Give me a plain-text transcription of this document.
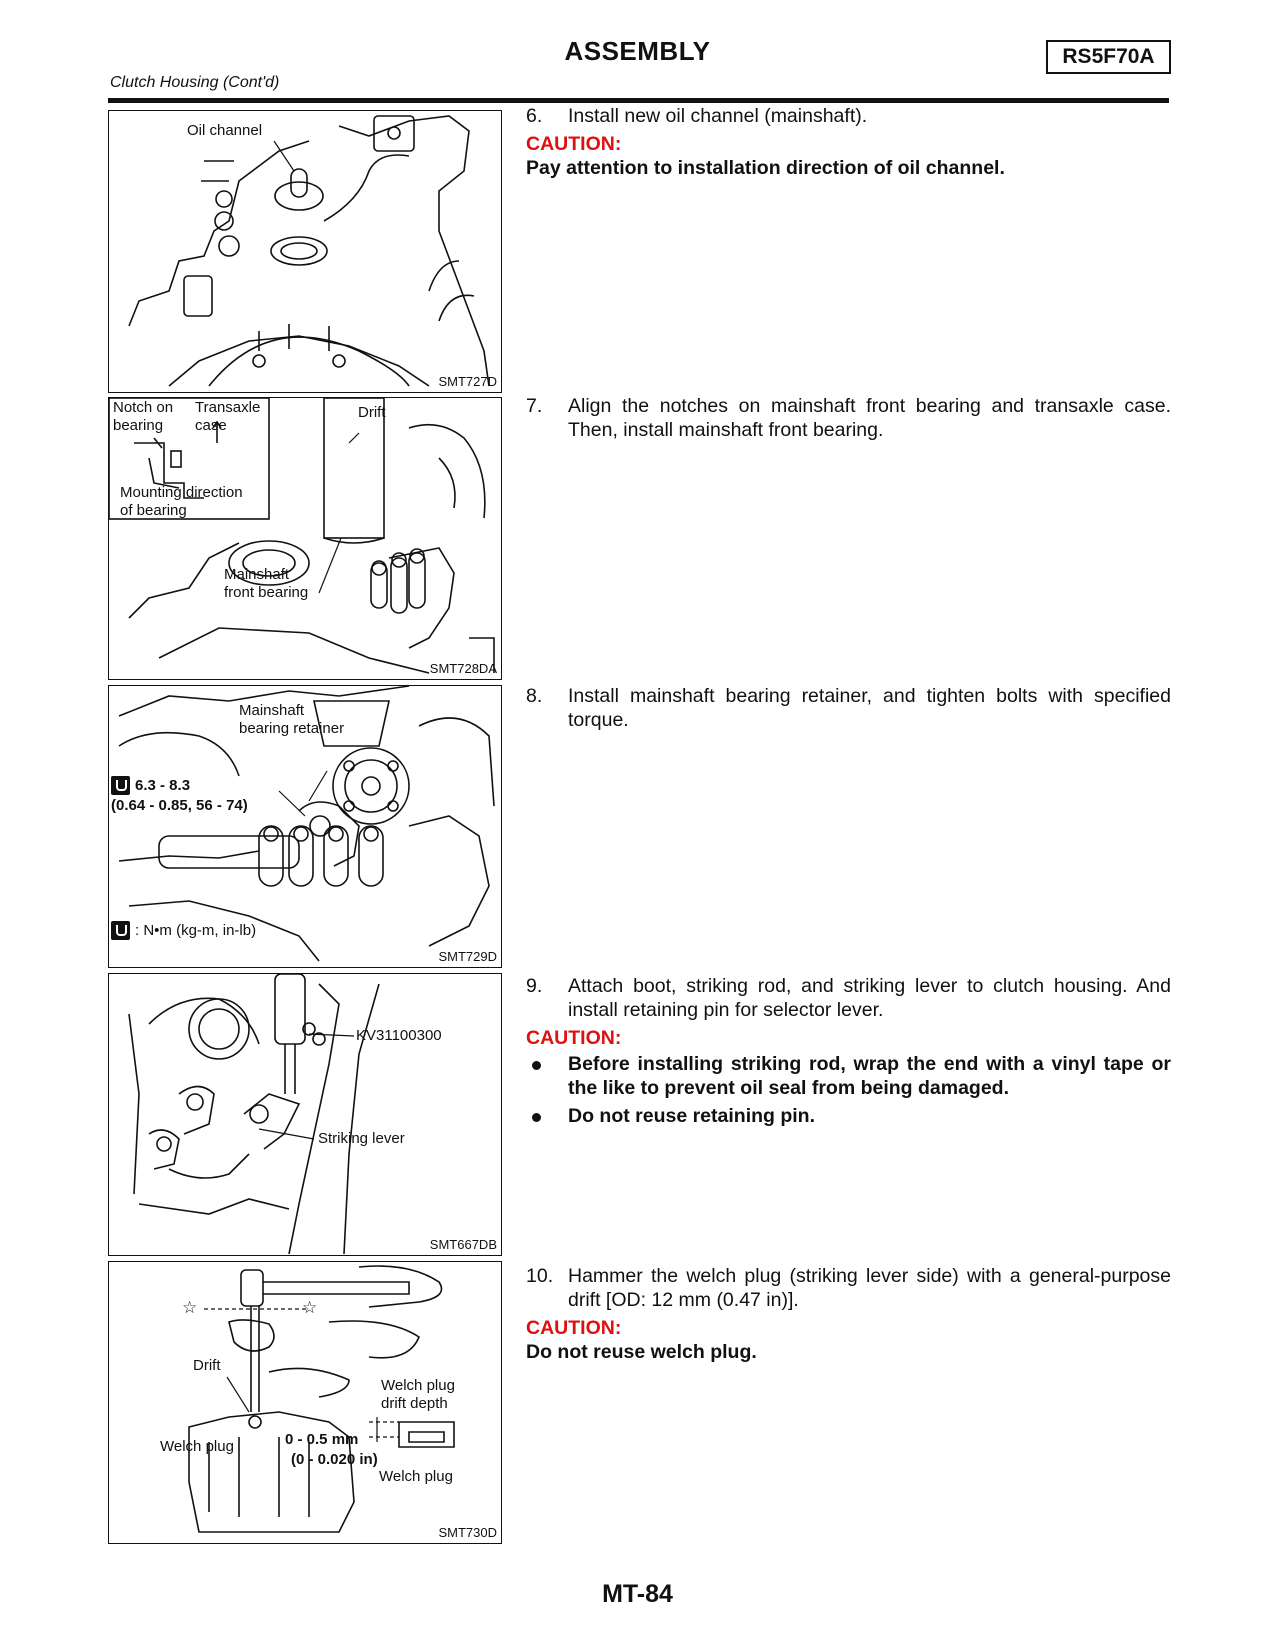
ASSEMBLY	RS5F70A
Clutch Housing (Cont'd)
Oil channel
SMT727D
Notch on
bearing
Transaxle
case
Drift
Mounting direction
of bearing
Mainshaft
front bearing
SMT728DA
Mainshaft
bearing retainer
6.3 - 8.3
(0.64 - 0.85, 56 - 74)
: N•m (kg-m, in-lb)
SMT729D
KV31100300
Striking lever
SMT667DB
☆	☆
Drift
Welch plug
drift depth
Welch plug	0 - 0.5 mm
(0 - 0.020 in)
Welch plug
SMT730D
6. Install new oil channel (mainshaft).
CAUTION:
Pay attention to installation direction of oil channel.
7. Align the notches on mainshaft front bearing and transaxle case. Then, install mainshaft front bearing.
8. Install mainshaft bearing retainer, and tighten bolts with specified torque.
9. Attach boot, striking rod, and striking lever to clutch housing. And install retaining pin for selector lever.
CAUTION:
Before installing striking rod, wrap the end with a vinyl tape or the like to prevent oil seal from being damaged.
Do not reuse retaining pin.
10. Hammer the welch plug (striking lever side) with a general-purpose drift [OD: 12 mm (0.47 in)].
CAUTION:
Do not reuse welch plug.
MT-84
